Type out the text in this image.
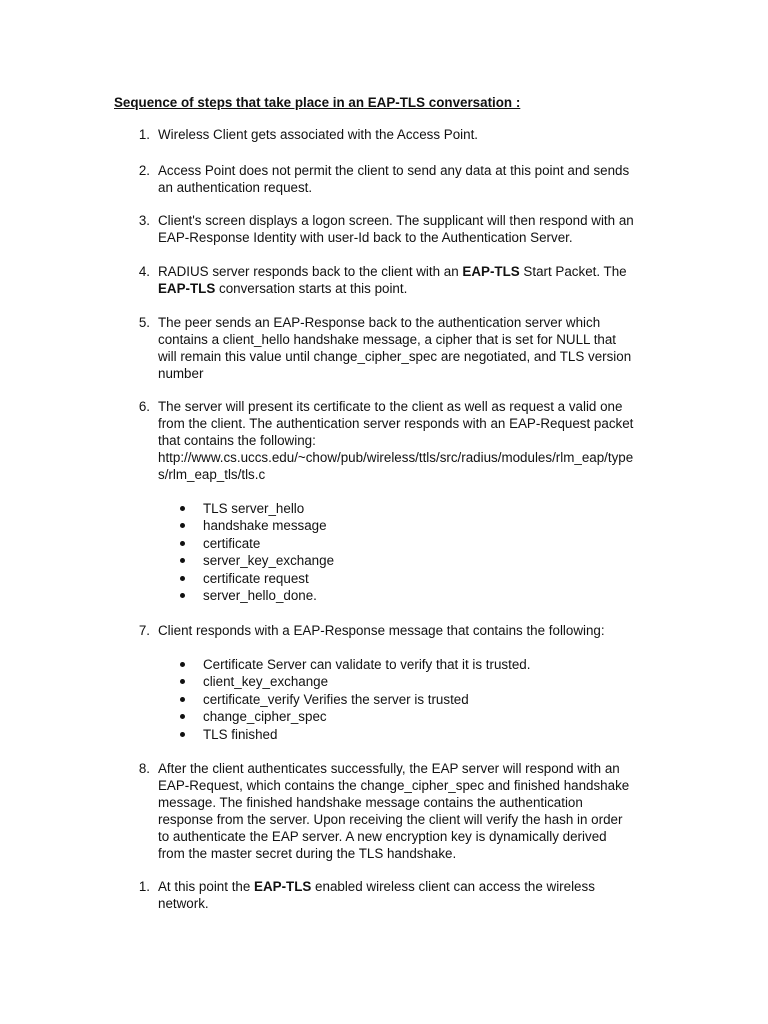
Sequence of steps that take place in an EAP-TLS conversation :
1. Wireless Client gets associated with the Access Point.
2. Access Point does not permit the client to send any data at this point and sends
an authentication request.
3. Client's screen displays a logon screen. The supplicant will then respond with an
EAP-Response Identity with user-Id back to the Authentication Server.
4. RADIUS server responds back to the client with an EAP-TLS Start Packet. The
EAP-TLS conversation starts at this point.
5. The peer sends an EAP-Response back to the authentication server which
contains a client_hello handshake message, a cipher that is set for NULL that
will remain this value until change_cipher_spec are negotiated, and TLS version
number
6. The server will present its certificate to the client as well as request a valid one
from the client. The authentication server responds with an EAP-Request packet
that contains the following:
http://www.cs.uccs.edu/~chow/pub/wireless/ttls/src/radius/modules/rlm_eap/type
s/rlm_eap_tls/tls.c
TLS server_hello
handshake message
certificate
server_key_exchange
certificate request
server_hello_done.
7. Client responds with a EAP-Response message that contains the following:
Certificate Server can validate to verify that it is trusted.
client_key_exchange
certificate_verify Verifies the server is trusted
change_cipher_spec
TLS finished
8. After the client authenticates successfully, the EAP server will respond with an
EAP-Request, which contains the change_cipher_spec and finished handshake
message. The finished handshake message contains the authentication
response from the server. Upon receiving the client will verify the hash in order
to authenticate the EAP server. A new encryption key is dynamically derived
from the master secret during the TLS handshake.
1. At this point the EAP-TLS enabled wireless client can access the wireless
network.
